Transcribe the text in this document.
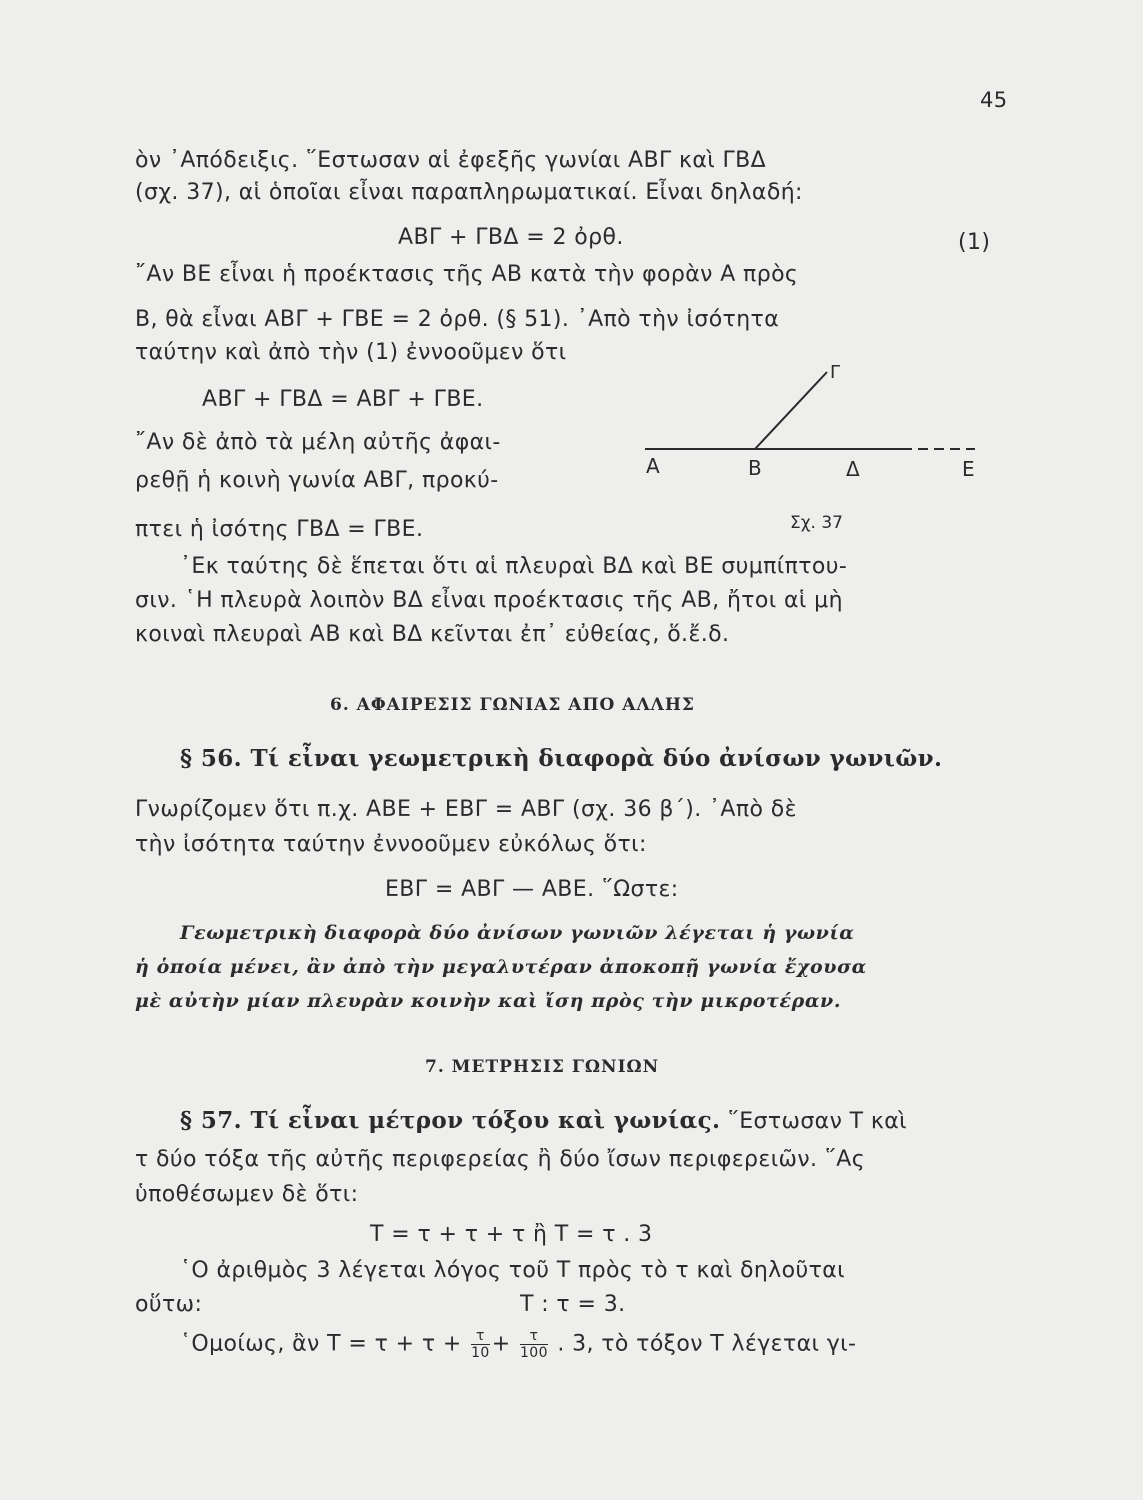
45
ὸν ᾿Απόδειξις. ῞Εστωσαν αἱ ἐφεξῆς γωνίαι ΑΒΓ καὶ ΓΒΔ
(σχ. 37), αἱ ὁποῖαι εἶναι παραπληρωματικαί. Εἶναι δηλαδή:
ΑΒΓ + ΓΒΔ = 2 ὀρθ.	(1)
῎Αν ΒΕ εἶναι ἡ προέκτασις τῆς ΑΒ κατὰ τὴν φορὰν Α πρὸς
Β, θὰ εἶναι ΑΒΓ + ΓΒΕ = 2 ὀρθ. (§ 51). ᾿Απὸ τὴν ἰσότητα
ταύτην καὶ ἀπὸ τὴν (1) ἐννοοῦμεν ὅτι
ΑΒΓ + ΓΒΔ = ΑΒΓ + ΓΒΕ.
῎Αν δὲ ἀπὸ τὰ μέλη αὐτῆς ἀφαι-
ρεθῇ ἡ κοινὴ γωνία ΑΒΓ, προκύ-
πτει ἡ ἰσότης ΓΒΔ = ΓΒΕ.
Γ
Α	Β	Δ	Ε
Σχ. 37
᾿Εκ ταύτης δὲ ἕπεται ὅτι αἱ πλευραὶ ΒΔ καὶ ΒΕ συμπίπτου-
σιν. ῾Η πλευρὰ λοιπὸν ΒΔ εἶναι προέκτασις τῆς ΑΒ, ἤτοι αἱ μὴ
κοιναὶ πλευραὶ ΑΒ καὶ ΒΔ κεῖνται ἐπ᾿ εὐθείας, ὅ.ἔ.δ.
6. ΑΦΑΙΡΕΣΙΣ ΓΩΝΙΑΣ ΑΠΟ ΑΛΛΗΣ
§ 56. Τί εἶναι γεωμετρικὴ διαφορὰ δύο ἀνίσων γωνιῶν.
Γνωρίζομεν ὅτι π.χ. ΑΒΕ + ΕΒΓ = ΑΒΓ (σχ. 36 β΄). ᾿Απὸ δὲ
τὴν ἰσότητα ταύτην ἐννοοῦμεν εὐκόλως ὅτι:
ΕΒΓ = ΑΒΓ — ΑΒΕ. ῞Ωστε:
Γεωμετρικὴ διαφορὰ δύο ἀνίσων γωνιῶν λέγεται ἡ γωνία
ἡ ὁποία μένει, ἂν ἀπὸ τὴν μεγαλυτέραν ἀποκοπῇ γωνία ἔχουσα
μὲ αὐτὴν μίαν πλευρὰν κοινὴν καὶ ἴση πρὸς τὴν μικροτέραν.
7. ΜΕΤΡΗΣΙΣ ΓΩΝΙΩΝ
§ 57. Τί εἶναι μέτρον τόξου καὶ γωνίας. ῞Εστωσαν Τ καὶ
τ δύο τόξα τῆς αὐτῆς περιφερείας ἢ δύο ἴσων περιφερειῶν. ῞Ας
ὑποθέσωμεν δὲ ὅτι:
Τ = τ + τ + τ ἢ Τ = τ . 3
῾Ο ἀριθμὸς 3 λέγεται λόγος τοῦ Τ πρὸς τὸ τ καὶ δηλοῦται
οὕτω:	Τ : τ = 3.
῾Ομοίως, ἂν $T = \tau + \tau + \frac{\tau}{10} + \frac{\tau}{100}$ . 3, τὸ τόξον Τ λέγεται γι-
